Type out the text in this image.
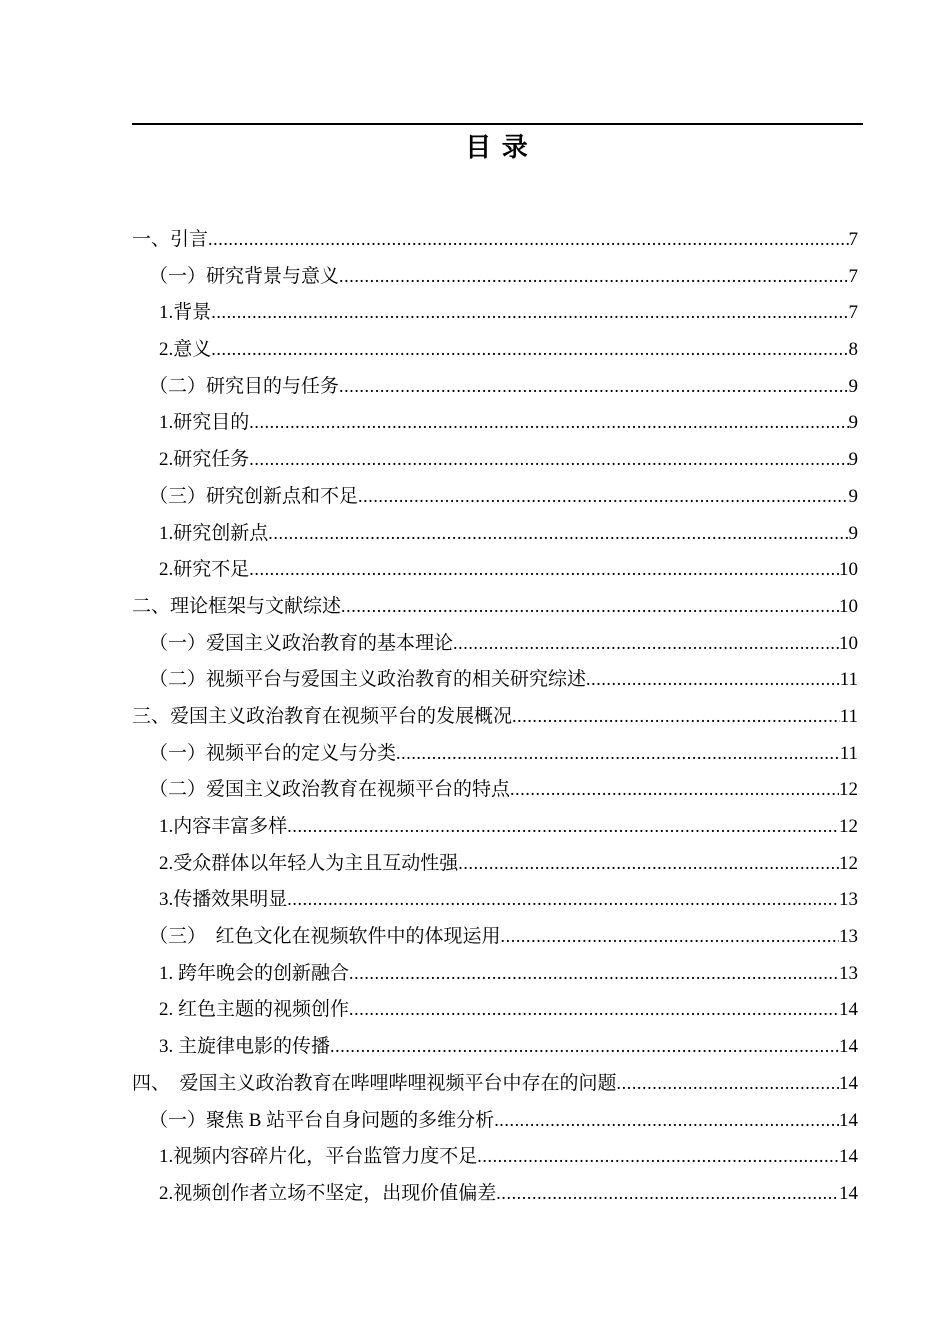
目 录
一、引言 .....	7
（一）研究背景与意义 .....	7
1.背景 .....	7
2.意义 .....	8
（二）研究目的与任务 .....	9
1.研究目的 .....	9
2.研究任务 .....	9
（三）研究创新点和不足 .....	9
1.研究创新点 .....	9
2.研究不足 .....	10
二、理论框架与文献综述 .....	10
（一）爱国主义政治教育的基本理论 .....	10
（二）视频平台与爱国主义政治教育的相关研究综述 .....	11
三、爱国主义政治教育在视频平台的发展概况 .....	11
（一）视频平台的定义与分类 .....	11
（二）爱国主义政治教育在视频平台的特点 .....	12
1.内容丰富多样 .....	12
2.受众群体以年轻人为主且互动性强 .....	12
3.传播效果明显 .....	13
（三）　红色文化在视频软件中的体现运用 .....	13
1. 跨年晚会的创新融合 .....	13
2. 红色主题的视频创作 .....	14
3. 主旋律电影的传播 .....	14
四、　爱国主义政治教育在哔哩哔哩视频平台中存在的问题 .....	14
（一）聚焦 B 站平台自身问题的多维分析 .....	14
1.视频内容碎片化，平台监管力度不足 .....	14
2.视频创作者立场不坚定，出现价值偏差 .....	14
